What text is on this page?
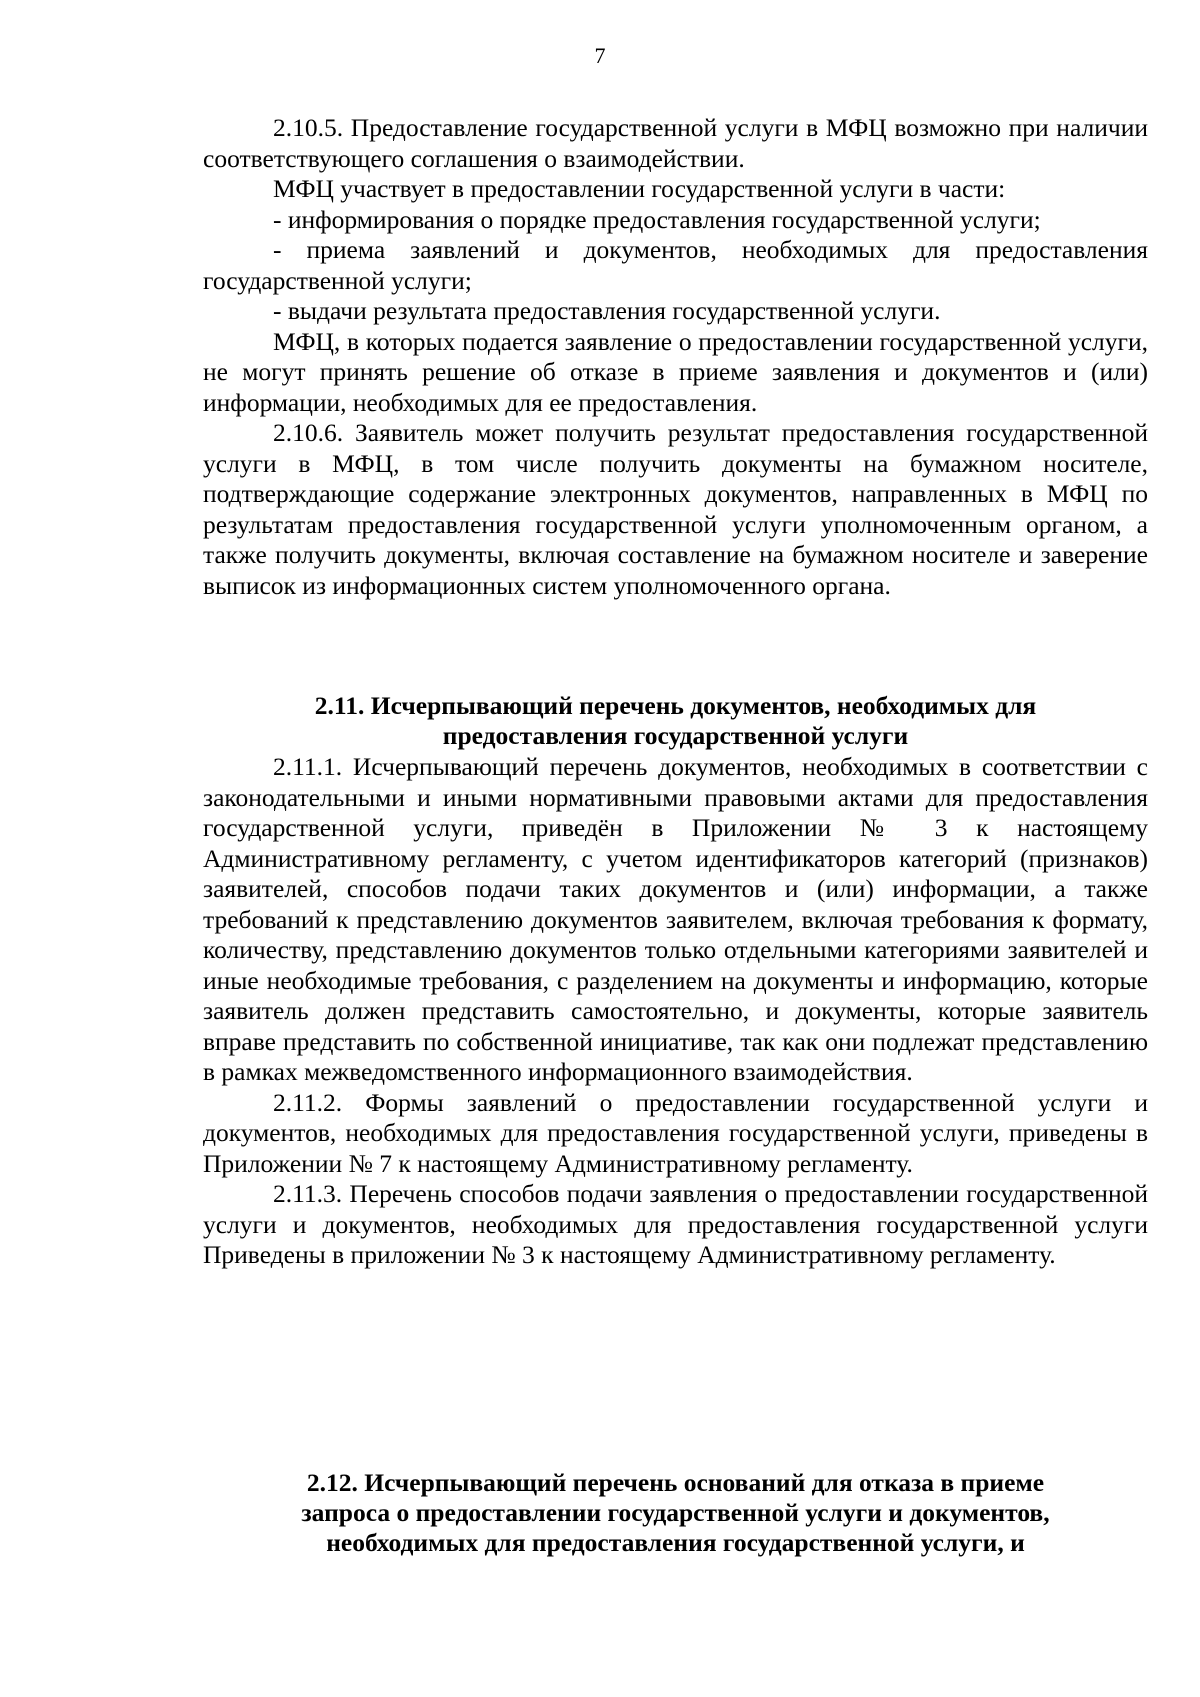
7

2.10.5. Предоставление государственной услуги в МФЦ возможно при наличии соответствующего соглашения о взаимодействии.

МФЦ участвует в предоставлении государственной услуги в части:

- информирования о порядке предоставления государственной услуги;

- приема заявлений и документов, необходимых для предоставления государственной услуги;

- выдачи результата предоставления государственной услуги.

МФЦ, в которых подается заявление о предоставлении государственной услуги, не могут принять решение об отказе в приеме заявления и документов и (или) информации, необходимых для ее предоставления.

2.10.6. Заявитель может получить результат предоставления государственной услуги в МФЦ, в том числе получить документы на бумажном носителе, подтверждающие содержание электронных документов, направленных в МФЦ по результатам предоставления государственной услуги уполномоченным органом, а также получить документы, включая составление на бумажном носителе и заверение выписок из информационных систем уполномоченного органа.

2.11. Исчерпывающий перечень документов, необходимых для
предоставления государственной услуги

2.11.1. Исчерпывающий перечень документов, необходимых в соответствии с законодательными и иными нормативными правовыми актами для предоставления государственной услуги, приведён в Приложении № 3 к настоящему Административному регламенту, с учетом идентификаторов категорий (признаков) заявителей, способов подачи таких документов и (или) информации, а также требований к представлению документов заявителем, включая требования к формату, количеству, представлению документов только отдельными категориями заявителей и иные необходимые требования, с разделением на документы и информацию, которые заявитель должен представить самостоятельно, и документы, которые заявитель вправе представить по собственной инициативе, так как они подлежат представлению в рамках межведомственного информационного взаимодействия.

2.11.2. Формы заявлений о предоставлении государственной услуги и документов, необходимых для предоставления государственной услуги, приведены в Приложении № 7 к настоящему Административному регламенту.

2.11.3. Перечень способов подачи заявления о предоставлении государственной услуги и документов, необходимых для предоставления государственной услуги Приведены в приложении № 3 к настоящему Административному регламенту.

2.12. Исчерпывающий перечень оснований для отказа в приеме
запроса о предоставлении государственной услуги и документов,
необходимых для предоставления государственной услуги, и
